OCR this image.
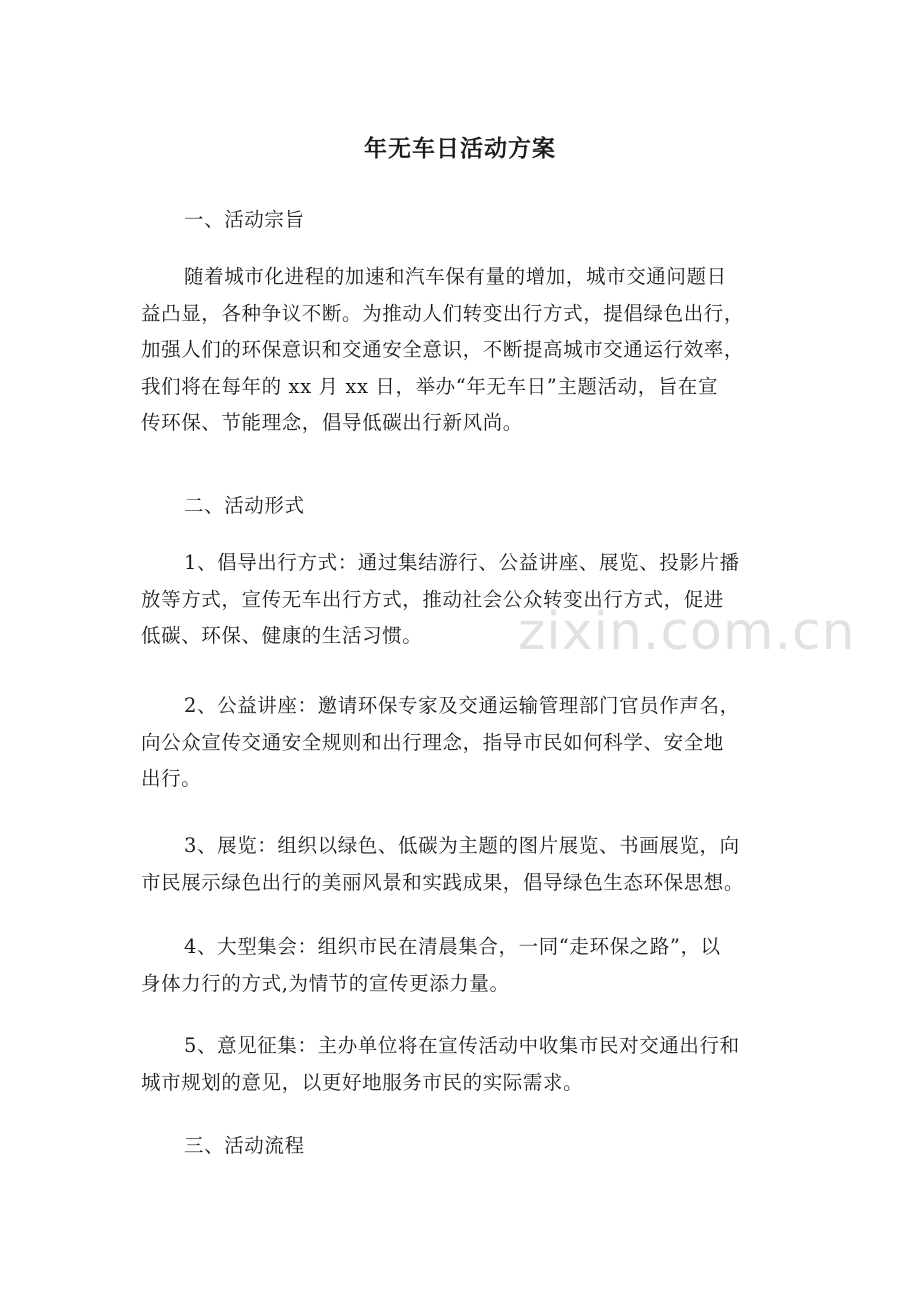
年无车日活动方案
一、活动宗旨
随着城市化进程的加速和汽车保有量的增加，城市交通问题日
益凸显，各种争议不断。为推动人们转变出行方式，提倡绿色出行，
加强人们的环保意识和交通安全意识，不断提高城市交通运行效率，
我们将在每年的 xx 月 xx 日，举办“年无车日”主题活动，旨在宣
传环保、节能理念，倡导低碳出行新风尚。
二、活动形式
1、倡导出行方式：通过集结游行、公益讲座、展览、投影片播
放等方式，宣传无车出行方式，推动社会公众转变出行方式，促进
低碳、环保、健康的生活习惯。
2、公益讲座：邀请环保专家及交通运输管理部门官员作声名，
向公众宣传交通安全规则和出行理念，指导市民如何科学、安全地
出行。
3、展览：组织以绿色、低碳为主题的图片展览、书画展览，向
市民展示绿色出行的美丽风景和实践成果，倡导绿色生态环保思想。
4、大型集会：组织市民在清晨集合，一同“走环保之路”，以
身体力行的方式,为情节的宣传更添力量。
5、意见征集：主办单位将在宣传活动中收集市民对交通出行和
城市规划的意见，以更好地服务市民的实际需求。
三、活动流程
zixin.com.cn
